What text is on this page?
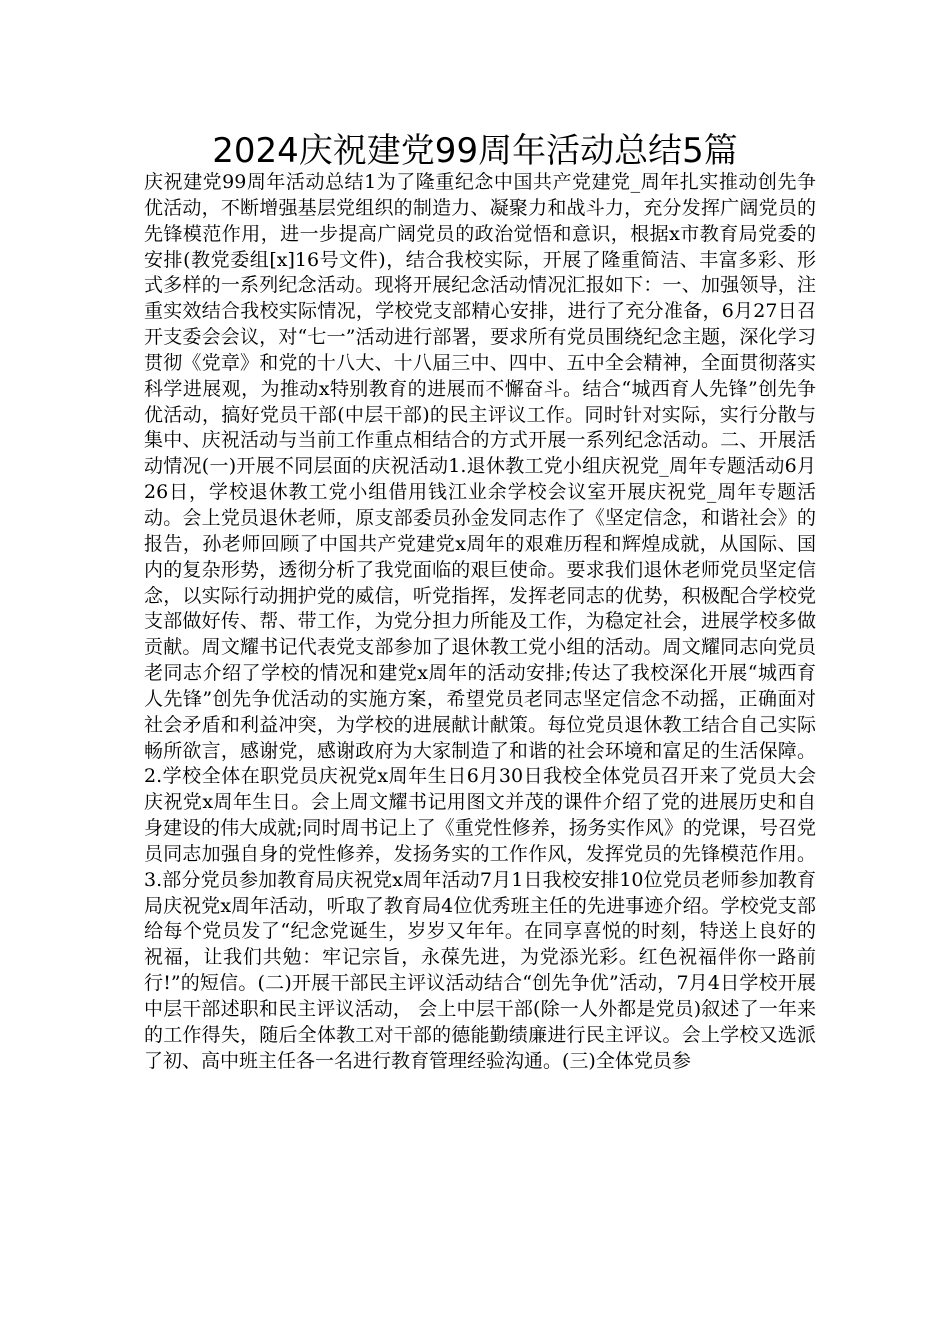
2024庆祝建党99周年活动总结5篇

庆祝建党99周年活动总结1为了隆重纪念中国共产党建党_周年扎实推动创先争优活动，不断增强基层党组织的制造力、凝聚力和战斗力，充分发挥广阔党员的先锋模范作用，进一步提高广阔党员的政治觉悟和意识，根据x市教育局党委的安排(教党委组[x]16号文件)，结合我校实际，开展了隆重简洁、丰富多彩、形式多样的一系列纪念活动。现将开展纪念活动情况汇报如下：一、加强领导，注重实效结合我校实际情况，学校党支部精心安排，进行了充分准备，6月27日召开支委会会议，对“七一”活动进行部署，要求所有党员围绕纪念主题，深化学习贯彻《党章》和党的十八大、十八届三中、四中、五中全会精神，全面贯彻落实科学进展观，为推动x特别教育的进展而不懈奋斗。结合“城西育人先锋”创先争优活动，搞好党员干部(中层干部)的民主评议工作。同时针对实际，实行分散与集中、庆祝活动与当前工作重点相结合的方式开展一系列纪念活动。二、开展活动情况(一)开展不同层面的庆祝活动1.退休教工党小组庆祝党_周年专题活动6月26日，学校退休教工党小组借用钱江业余学校会议室开展庆祝党_周年专题活动。会上党员退休老师，原支部委员孙金发同志作了《坚定信念，和谐社会》的报告，孙老师回顾了中国共产党建党x周年的艰难历程和辉煌成就，从国际、国内的复杂形势，透彻分析了我党面临的艰巨使命。要求我们退休老师党员坚定信念，以实际行动拥护党的威信，听党指挥，发挥老同志的优势，积极配合学校党支部做好传、帮、带工作，为党分担力所能及工作，为稳定社会，进展学校多做贡献。周文耀书记代表党支部参加了退休教工党小组的活动。周文耀同志向党员老同志介绍了学校的情况和建党x周年的活动安排;传达了我校深化开展“城西育人先锋”创先争优活动的实施方案，希望党员老同志坚定信念不动摇，正确面对社会矛盾和利益冲突，为学校的进展献计献策。每位党员退休教工结合自己实际畅所欲言，感谢党，感谢政府为大家制造了和谐的社会环境和富足的生活保障。2.学校全体在职党员庆祝党x周年生日6月30日我校全体党员召开来了党员大会庆祝党x周年生日。会上周文耀书记用图文并茂的课件介绍了党的进展历史和自身建设的伟大成就;同时周书记上了《重党性修养，扬务实作风》的党课，号召党员同志加强自身的党性修养，发扬务实的工作作风，发挥党员的先锋模范作用。3.部分党员参加教育局庆祝党x周年活动7月1日我校安排10位党员老师参加教育局庆祝党x周年活动，听取了教育局4位优秀班主任的先进事迹介绍。学校党支部给每个党员发了“纪念党诞生，岁岁又年年。在同享喜悦的时刻，特送上良好的祝福，让我们共勉：牢记宗旨，永葆先进，为党添光彩。红色祝福伴你一路前行!”的短信。(二)开展干部民主评议活动结合“创先争优”活动，7月4日学校开展中层干部述职和民主评议活动， 会上中层干部(除一人外都是党员)叙述了一年来的工作得失，随后全体教工对干部的德能勤绩廉进行民主评议。会上学校又选派了初、高中班主任各一名进行教育管理经验沟通。(三)全体党员参
